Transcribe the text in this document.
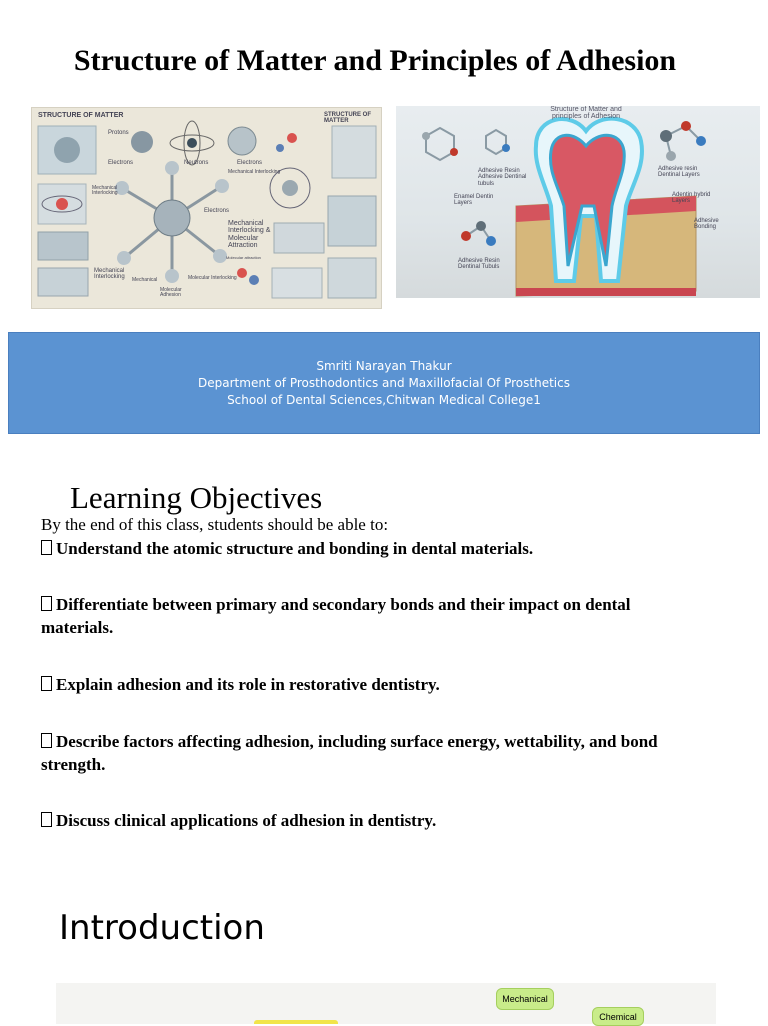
Structure of Matter and Principles of Adhesion
STRUCTURE OF MATTER	STRUCTURE OF MATTER
Protons
Electrons	Neutrons	Electrons
Mechanical Interlocking
Mechanical Interlocking
Mechanical Interlocking & Molecular Attraction
Electrons
Mechanical Interlocking	Mechanical	Molecular Interlocking
Molecular Adhesion
Molecular attraction
Structure of Matter and principles of Adhesion
Adhesive Resin Adhesive Dentinal tubuls
Enamel Dentin Layers
Adhesive resin Dentinal Layers
Adentin hybrid Layers
Adhesive Resin Dentinal Tubuls
Adhesive Bonding
Smriti Narayan Thakur
Department of Prosthodontics and Maxillofacial Of Prosthetics
School of Dental Sciences,Chitwan Medical College1
Learning Objectives
By the end of this class, students should be able to:
Understand the atomic structure and bonding in dental materials.
Differentiate between primary and secondary bonds and their impact on dental materials.
Explain adhesion and its role in restorative dentistry.
Describe factors affecting adhesion, including surface energy, wettability, and bond strength.
Discuss clinical applications of adhesion in dentistry.
Introduction
Mechanical
Chemical
